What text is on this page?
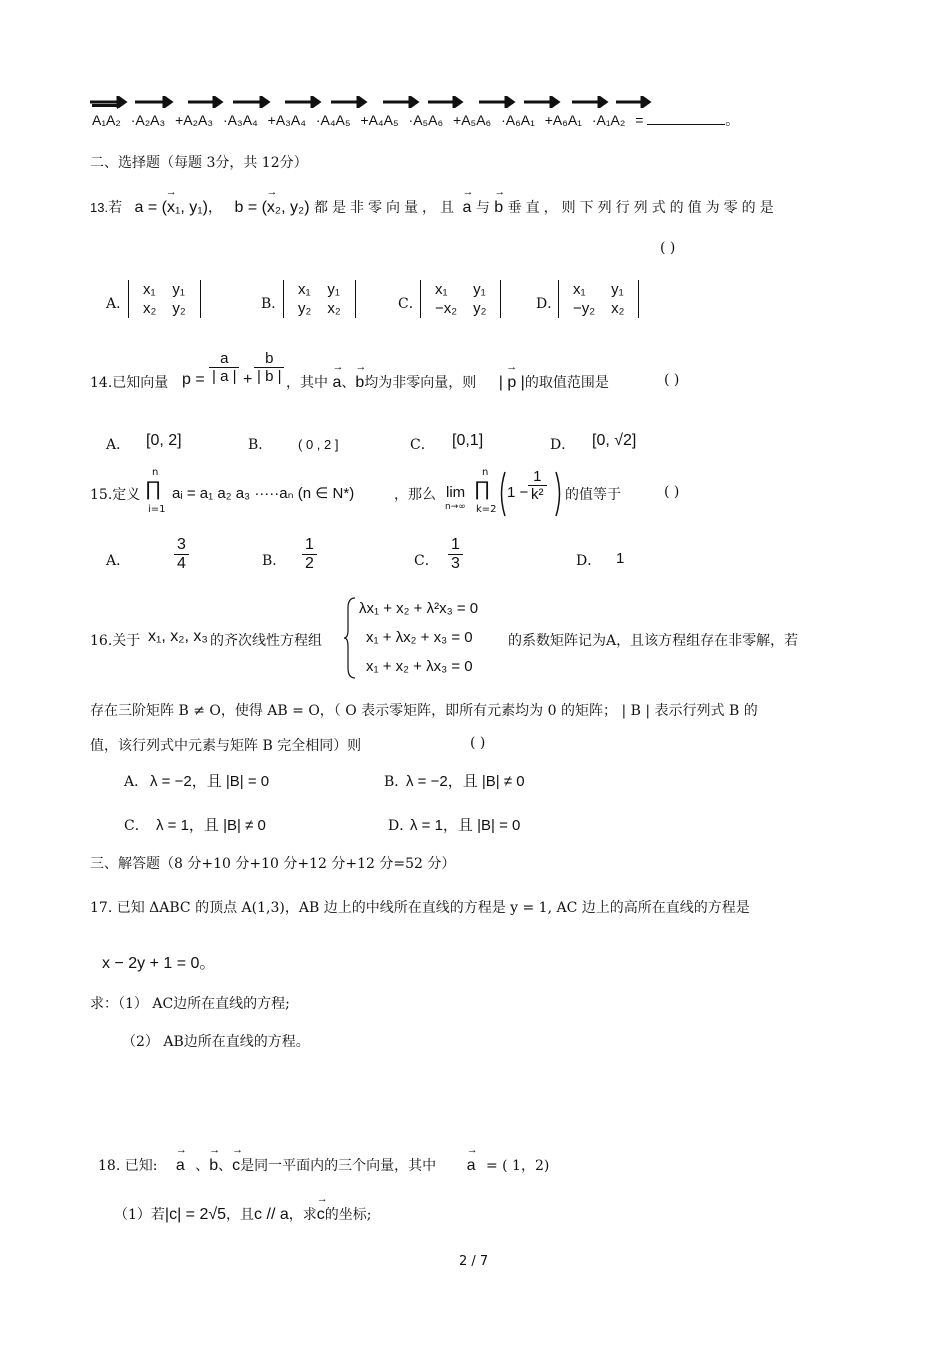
A₁A₂ ·A₂A₃ +A₂A₃ ·A₃A₄ +A₃A₄ ·A₄A₅ +A₄A₅ ·A₅A₆ +A₅A₆ ·A₆A₁ +A₆A₁ ·A₁A₂ =	。
二、选择题（每题 3分，共 12分）
13.若 → a = (x₁, y₁)， → b = (x₂, y₂) 都是非零向量，且 → a 与 → b 垂直，则下列行列式的值为零的是
( )
A．
x₁	y₁
x₂	y₂	B．
x₁	y₁
y₂	x₂	C．
x₁	y₁
−x₂	y₂	D．
x₁	y₁
−y₂	x₂
14.已知向量 $p = \frac{a}{| a |} + \frac{b}{| b |}$ ，其中 → a、→ b均为非零向量，则 → | p |的取值范围是	( )
A． [0, 2]	B． ( 0 , 2 ]	C． [0,1]	D． [0, √2]
15.定义
n
∏
i=1
aᵢ = a₁ a₂ a₃ ·····aₙ (n ∈ N*)	，那么 lim
n→∞
n
∏
k=2
$1 - \frac{1}{\text{k²}}$ 的值等于	( )
A．	$\frac{3}{4}$	B． $\frac{1}{2}$	C． $\frac{1}{3}$	D． 1
16.关于 x₁, x₂, x₃ 的齐次线性方程组
λx₁ + x₂ + λ²x₃ = 0
x₁ + λx₂ + x₃ = 0
x₁ + x₂ + λx₃ = 0
的系数矩阵记为A，且该方程组存在非零解，若
存在三阶矩阵 B ≠ O，使得 AB = O，（ O 表示零矩阵，即所有元素均为 0 的矩阵； | B | 表示行列式 B 的
值，该行列式中元素与矩阵 B 完全相同）则	( )
A． λ = −2，且 |B| = 0	B．
λ = −2，且 |B| ≠ 0
C． λ = 1，且 |B| ≠ 0	D．
λ = 1，且 |B| = 0
三、解答题（8 分+10 分+10 分+12 分+12 分=52 分）
17. 已知 ΔABC 的顶点 A(1,3)，AB 边上的中线所在直线的方程是 y = 1, AC 边上的高所在直线的方程是
x − 2y + 1 = 0。
求：（1） AC边所在直线的方程;
（2） AB边所在直线的方程。
18. 已知: → a 、→ b、→ c是同一平面内的三个向量，其中 → a = ( 1，2)
（1）若|c| = 2√5，且c // a，求→ c的坐标;
2 / 7
